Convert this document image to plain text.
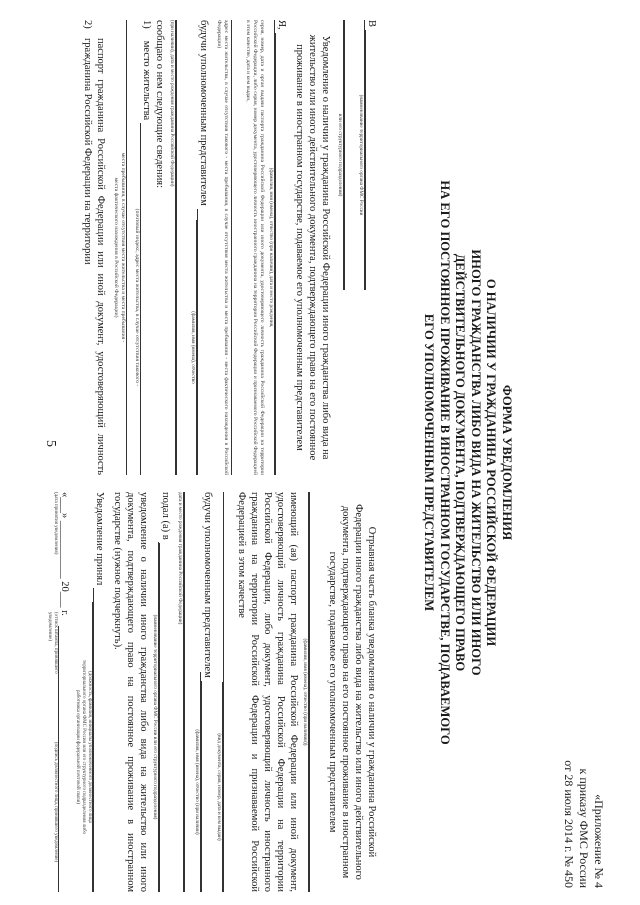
5
«Приложение № 4
к приказу ФМС России
от 28 июля 2014 г. № 450
ФОРМА УВЕДОМЛЕНИЯ
О НАЛИЧИИ У ГРАЖДАНИНА РОССИЙСКОЙ ФЕДЕРАЦИИ
ИНОГО ГРАЖДАНСТВА ЛИБО ВИДА НА ЖИТЕЛЬСТВО ИЛИ ИНОГО
ДЕЙСТВИТЕЛЬНОГО ДОКУМЕНТА, ПОДТВЕРЖДАЮЩЕГО ПРАВО
НА ЕГО ПОСТОЯННОЕ ПРОЖИВАНИЕ В ИНОСТРАННОМ ГОСУДАРСТВЕ, ПОДАВАЕМОГО
ЕГО УПОЛНОМОЧЕННЫМ ПРЕДСТАВИТЕЛЕМ
В
(наименование территориального органа ФМС России
или его структурного подразделения)
Уведомление о наличии у гражданина Российской Федерации иного гражданства либо вида на жительство или иного действительного документа, подтверждающего право на его постоянное проживание в иностранном государстве, подаваемое его уполномоченным представителем
Я,
(фамилия, имя (имена), отчество (при наличии), дата и место рождения,
серия, номер, дата и орган выдачи паспорта гражданина Российской Федерации или иного документа, удостоверяющего личность гражданина Российской Федерации на территории Российской Федерации, либо серия, номер документа, удостоверяющего личность иностранного гражданина на территории Российской Федерации и признаваемого Российской Федерацией в этом качестве, дата и кем выдан,
адрес места жительства, в случае отсутствия такового - места пребывания, в случае отсутствия места жительства и места пребывания - места фактического нахождения в Российской Федерации)
будучи уполномоченным представителем
(фамилия, имя (имена), отчество
(при наличии), дата и место рождения гражданина Российской Федерации)
сообщаю о нем следующие сведения:
1)
место жительства
(почтовый индекс, адрес места жительства, в случае отсутствия такового -
места пребывания, в случае отсутствия места жительства и места пребывания -
места фактического нахождения в Российской Федерации)
2)
паспорт гражданина Российской Федерации или иной документ, удостоверяющий личность гражданина Российской Федерации на территории
Отрывная часть бланка уведомления о наличии у гражданина Российской Федерации иного гражданства либо вида на жительство или иного действительного документа, подтверждающего право на его постоянное проживание в иностранном государстве, подаваемое его уполномоченным представителем
(фамилия, имя (имена), отчество (при наличии))
имеющий (ая) паспорт гражданина Российской Федерации или иной документ, удостоверяющий личность гражданина Российской Федерации на территории Российской Федерации, либо документ, удостоверяющий личность иностранного гражданина на территории Российской Федерации и признаваемой Российской Федерацией в этом качестве
(вид документа, серия, номер, дата и кем выдан)
будучи уполномоченным представителем
(фамилия, имя (имена), отчество (при наличии)
дата и место рождения гражданина Российской Федерации)
подал (а) в
(наименование территориального органа ФМС России или его структурного подразделения)
уведомление о наличии иного гражданства либо вида на жительство или иного документа, подтверждающего право на постоянное проживание в иностранном государстве (нужное подчеркнуть).
Уведомление принял
(должность, фамилия, инициалы уполномоченного должностного лица
территориального органа ФМС России или его структурного подразделения либо
работника организации федеральной почтовой связи)
«___» ___________ 20___ г.
(дата принятия уведомления)
(оттиск штампа, принявшего уведомление)
(подпись должностного лица, принявшего уведомление)
